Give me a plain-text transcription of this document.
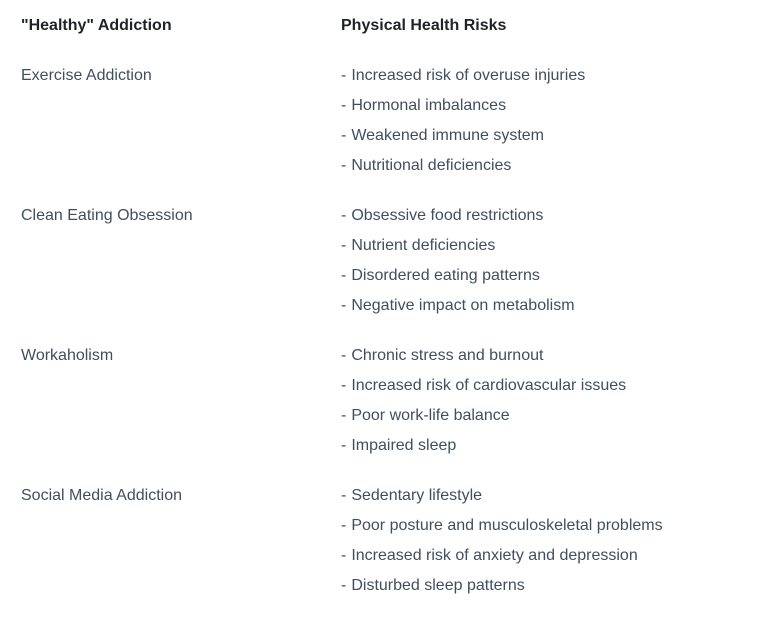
"Healthy" Addiction	Physical Health Risks
Exercise Addiction	- Increased risk of overuse injuries
- Hormonal imbalances
- Weakened immune system
- Nutritional deficiencies
Clean Eating Obsession	- Obsessive food restrictions
- Nutrient deficiencies
- Disordered eating patterns
- Negative impact on metabolism
Workaholism	- Chronic stress and burnout
- Increased risk of cardiovascular issues
- Poor work-life balance
- Impaired sleep
Social Media Addiction	- Sedentary lifestyle
- Poor posture and musculoskeletal problems
- Increased risk of anxiety and depression
- Disturbed sleep patterns
